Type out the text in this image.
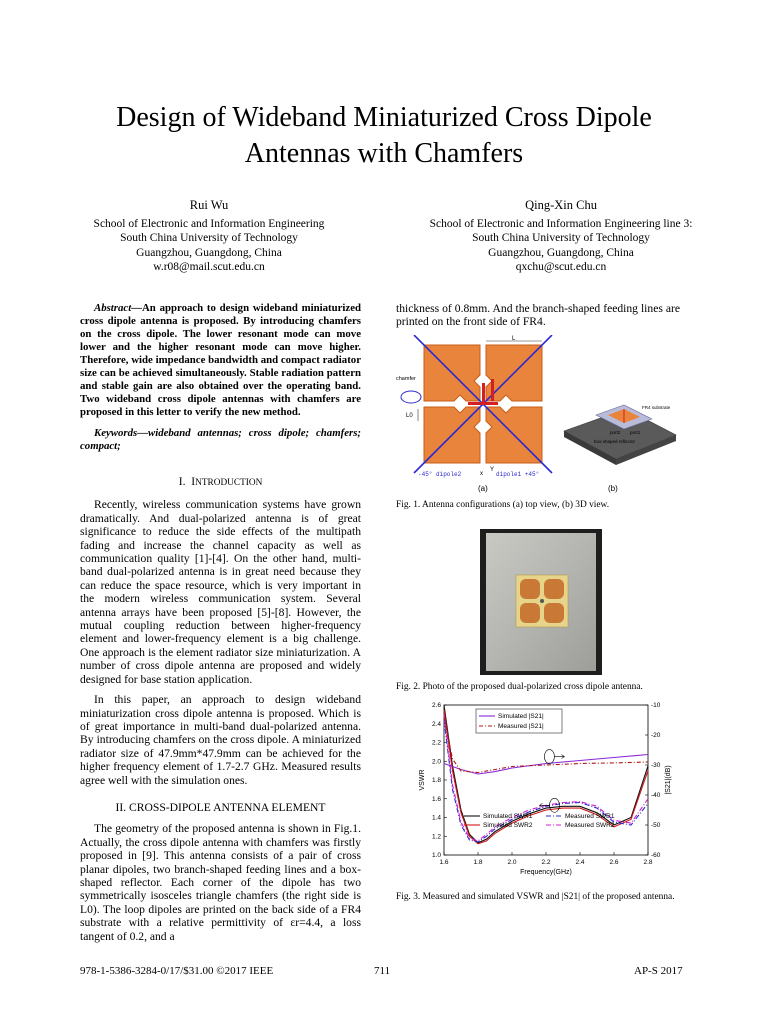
Design of Wideband Miniaturized Cross Dipole
Antennas with Chamfers
Rui Wu
School of Electronic and Information Engineering
South China University of Technology
Guangzhou, Guangdong, China
w.r08@mail.scut.edu.cn
Qing-Xin Chu
School of Electronic and Information Engineering line 3:
South China University of Technology
Guangzhou, Guangdong, China
qxchu@scut.edu.cn

Abstract—An approach to design wideband miniaturized cross dipole antenna is proposed. By introducing chamfers on the cross dipole. The lower resonant mode can move lower and the higher resonant mode can move higher. Therefore, wide impedance bandwidth and compact radiator size can be achieved simultaneously. Stable radiation pattern and stable gain are also obtained over the operating band. Two wideband cross dipole antennas with chamfers are proposed in this letter to verify the new method.

Keywords—wideband antennas; cross dipole; chamfers; compact;

I. INTRODUCTION

Recently, wireless communication systems have grown dramatically. And dual-polarized antenna is of great significance to reduce the side effects of the multipath fading and increase the channel capacity as well as communication quality [1]-[4]. On the other hand, multi-band dual-polarized antenna is in great need because they can reduce the space resource, which is very important in the modern wireless communication system. Several antenna arrays have been proposed [5]-[8]. However, the mutual coupling reduction between higher-frequency element and lower-frequency element is a big challenge. One approach is the element radiator size miniaturization. A number of cross dipole antenna are proposed and widely designed for base station application.

In this paper, an approach to design wideband miniaturization cross dipole antenna is proposed. Which is of great importance in multi-band dual-polarized antenna. By introducing chamfers on the cross dipole. A miniaturized radiator size of 47.9mm*47.9mm can be achieved for the higher frequency element of 1.7-2.7 GHz. Measured results agree well with the simulation ones.

II. CROSS-DIPOLE ANTENNA ELEMENT

The geometry of the proposed antenna is shown in Fig.1. Actually, the cross dipole antenna with chamfers was firstly proposed in [9]. This antenna consists of a pair of cross planar dipoles, two branch-shaped feeding lines and a box-shaped reflector. Each corner of the dipole has two symmetrically isosceles triangle chamfers (the right side is L0). The loop dipoles are printed on the back side of a FR4 substrate with a relative permittivity of εr=4.4, a loss tangent of 0.2, and a

thickness of 0.8mm. And the branch-shaped feeding lines are printed on the front side of FR4.

L
chamfer
L0
-45° dipole2
Y
dipole1 +45°
x
(a)
FR4 substrate
port2 port1
box-shaped reflector
(b)
Fig. 1. Antenna configurations (a) top view, (b) 3D view.
Fig. 2. Photo of the proposed dual-polarized cross dipole antenna.
1.6	1.8	2.0	2.2	2.4	2.6	2.8
1.0
1.2
1.4
1.6
1.8
2.0
2.2
2.4
2.6	-10
-20
-30
-40
-50
-60
Frequency(GHz)
VSWR	|S21|(dB)
Simulated |S21|
Measured |S21|
Simulated SWR1
Simulated SWR2
Measured SWR1
Measured SWR2
Fig. 3. Measured and simulated VSWR and |S21| of the proposed antenna.
978-1-5386-3284-0/17/$31.00 ©2017 IEEE	711	AP-S 2017
